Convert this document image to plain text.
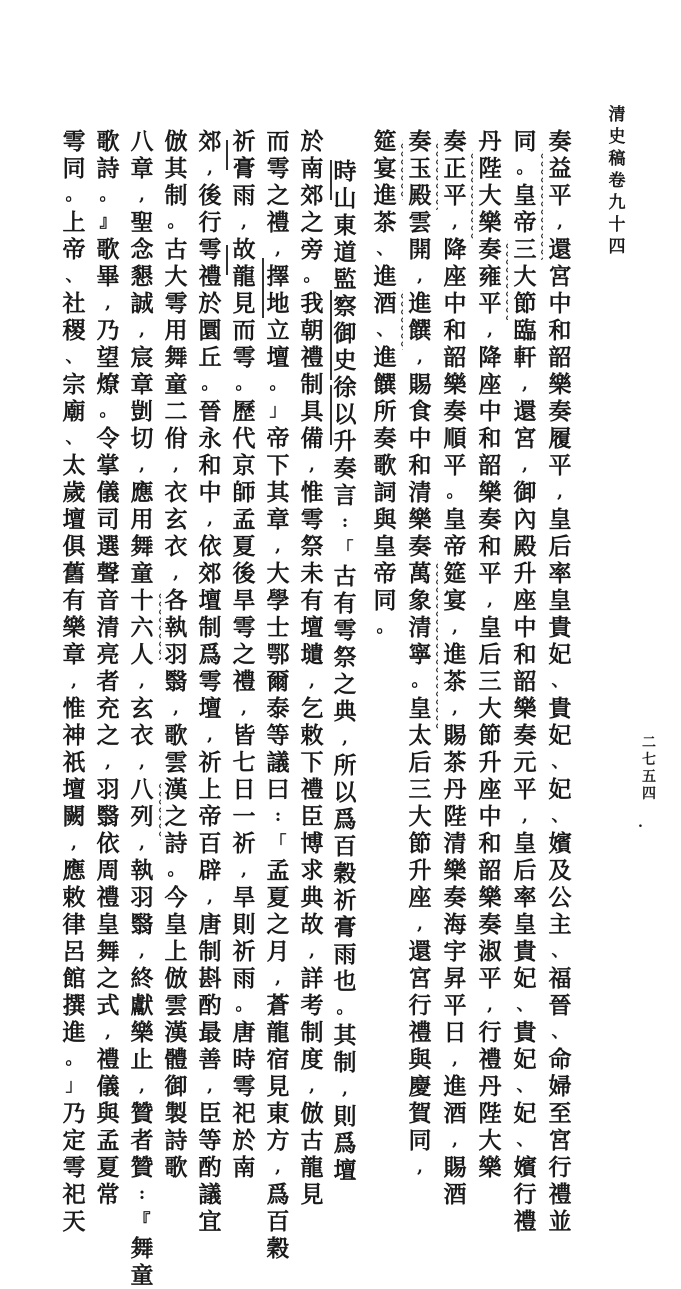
清
史
稿
卷
九
十
四
二
七
五
四
.
奏
益
平
,
還
宮
中
和
韶
樂
奏
履
平
,
皇
后
率
皇
貴
妃
、
貴
妃
、
妃
、
嬪
及
公
主
、
福
晉
、
命
婦
至
宮
行
禮
並
同
。
皇
帝
三
大
節
臨
軒
,
還
宮
,
御
內
殿
升
座
中
和
韶
樂
奏
元
平
,
皇
后
率
皇
貴
妃
、
貴
妃
、
妃
、
嬪
行
禮
丹
陛
大
樂
奏
雍
平
,
降
座
中
和
韶
樂
奏
和
平
,
皇
后
三
大
節
升
座
中
和
韶
樂
奏
淑
平
,
行
禮
丹
陛
大
樂
奏
正
平
,
降
座
中
和
韶
樂
奏
順
平
。
皇
帝
筵
宴
,
進
茶
,
賜
茶
丹
陛
清
樂
奏
海
宇
昇
平
日
,
進
酒
,
賜
酒
奏
玉
殿
雲
開
,
進
饌
,
賜
食
中
和
清
樂
奏
萬
象
清
寧
。
皇
太
后
三
大
節
升
座
,
還
宮
行
禮
與
慶
賀
同
,
筵
宴
進
茶
、
進
酒
、
進
饌
所
奏
歌
詞
與
皇
帝
同
。
時
山
東
道
監
察
御
史
徐
以
升
奏
言
:
「
古
有
雩
祭
之
典
,
所
以
爲
百
穀
祈
膏
雨
也
。
其
制
,
則
爲
壇
於
南
郊
之
旁
。
我
朝
禮
制
具
備
,
惟
雩
祭
未
有
壇
壝
,
乞
敕
下
禮
臣
博
求
典
故
,
詳
考
制
度
,
倣
古
龍
見
而
雩
之
禮
,
擇
地
立
壇
。
」
帝
下
其
章
,
大
學
士
鄂
爾
泰
等
議
曰
:
「
孟
夏
之
月
,
蒼
龍
宿
見
東
方
,
爲
百
穀
祈
膏
雨
,
故
龍
見
而
雩
。
歷
代
京
師
孟
夏
後
旱
雩
之
禮
,
皆
七
日
一
祈
,
旱
則
祈
雨
。
唐
時
雩
祀
於
南
郊
,
後
行
雩
禮
於
圜
丘
。
晉
永
和
中
,
依
郊
壇
制
爲
雩
壇
,
祈
上
帝
百
辟
,
唐
制
斟
酌
最
善
,
臣
等
酌
議
宜
倣
其
制
。
古
大
雩
用
舞
童
二
佾
,
衣
玄
衣
,
各
執
羽
翳
,
歌
雲
漢
之
詩
。
今
皇
上
倣
雲
漢
體
御
製
詩
歌
八
章
,
聖
念
懇
誠
,
宸
章
剴
切
,
應
用
舞
童
十
六
人
,
玄
衣
,
八
列
,
執
羽
翳
,
終
獻
樂
止
,
贊
者
贊
:
『
舞
童
歌
詩
。
』
歌
畢
,
乃
望
燎
。
令
掌
儀
司
選
聲
音
清
亮
者
充
之
,
羽
翳
依
周
禮
皇
舞
之
式
,
禮
儀
與
孟
夏
常
雩
同
。
上
帝
、
社
稷
、
宗
廟
、
太
歲
壇
俱
舊
有
樂
章
,
惟
神
祇
壇
闕
,
應
敕
律
呂
館
撰
進
。
」
乃
定
雩
祀
天
